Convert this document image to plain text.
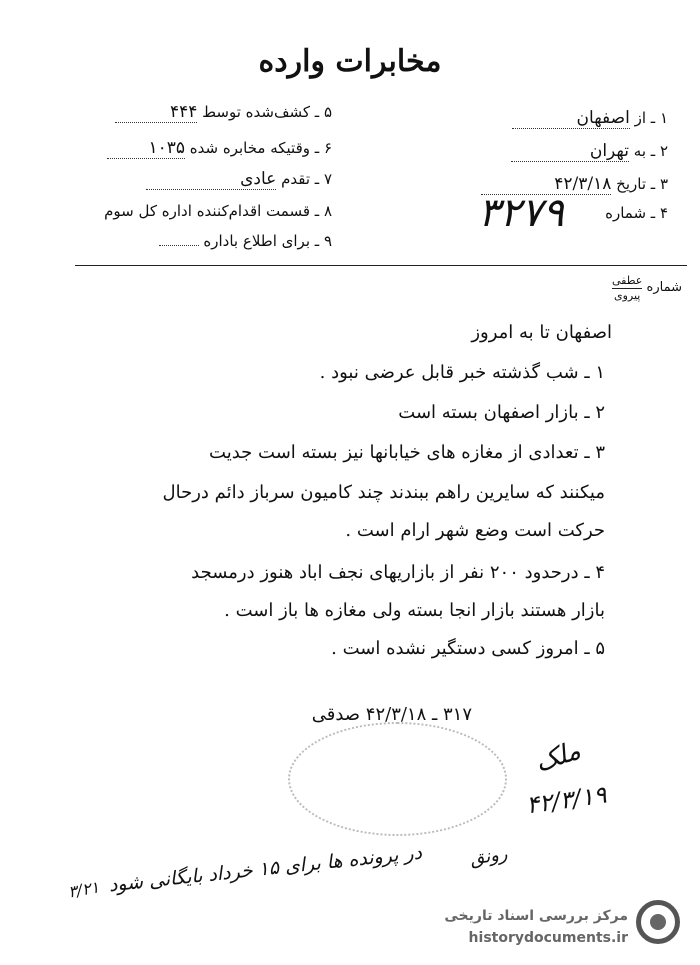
مخابرات وارده
۱ ـ از اصفهان
۲ ـ به تهران
۳ ـ تاریخ ۴۲/۳/۱۸
۴ ـ شماره
۳۲۷۹
۵ ـ کشف‌شده توسط ۴۴۴
۶ ـ وقتیکه مخابره شده ۱۰۳۵
۷ ـ تقدم عادی
۸ ـ قسمت اقدام‌کننده اداره کل سوم
۹ ـ برای اطلاع باداره
شماره
عطفی
پیروی
اصفهان تا به امروز
۱ ـ شب گذشته خبر قابل عرضی نبود .
۲ ـ بازار اصفهان بسته است
۳ ـ تعدادی از مغازه های خیابانها نیز بسته است جدیت
میکنند که سایرین راهم ببندند چند کامیون سرباز دائم درحال
حرکت است وضع شهر ارام است .
۴ ـ درحدود ۲۰۰ نفر از بازاریهای نجف اباد هنوز درمسجد
بازار هستند بازار انجا بسته ولی مغازه ها باز است .
۵ ـ امروز کسی دستگیر نشده است .
۳۱۷ ـ ۴۲/۳/۱۸ صدقی
ملک
۴۲/۳/۱۹
رونق
در پرونده ها برای ۱۵ خرداد بایگانی شود
۳/۲۱
مرکز بررسی اسناد تاریخی
historydocuments.ir
